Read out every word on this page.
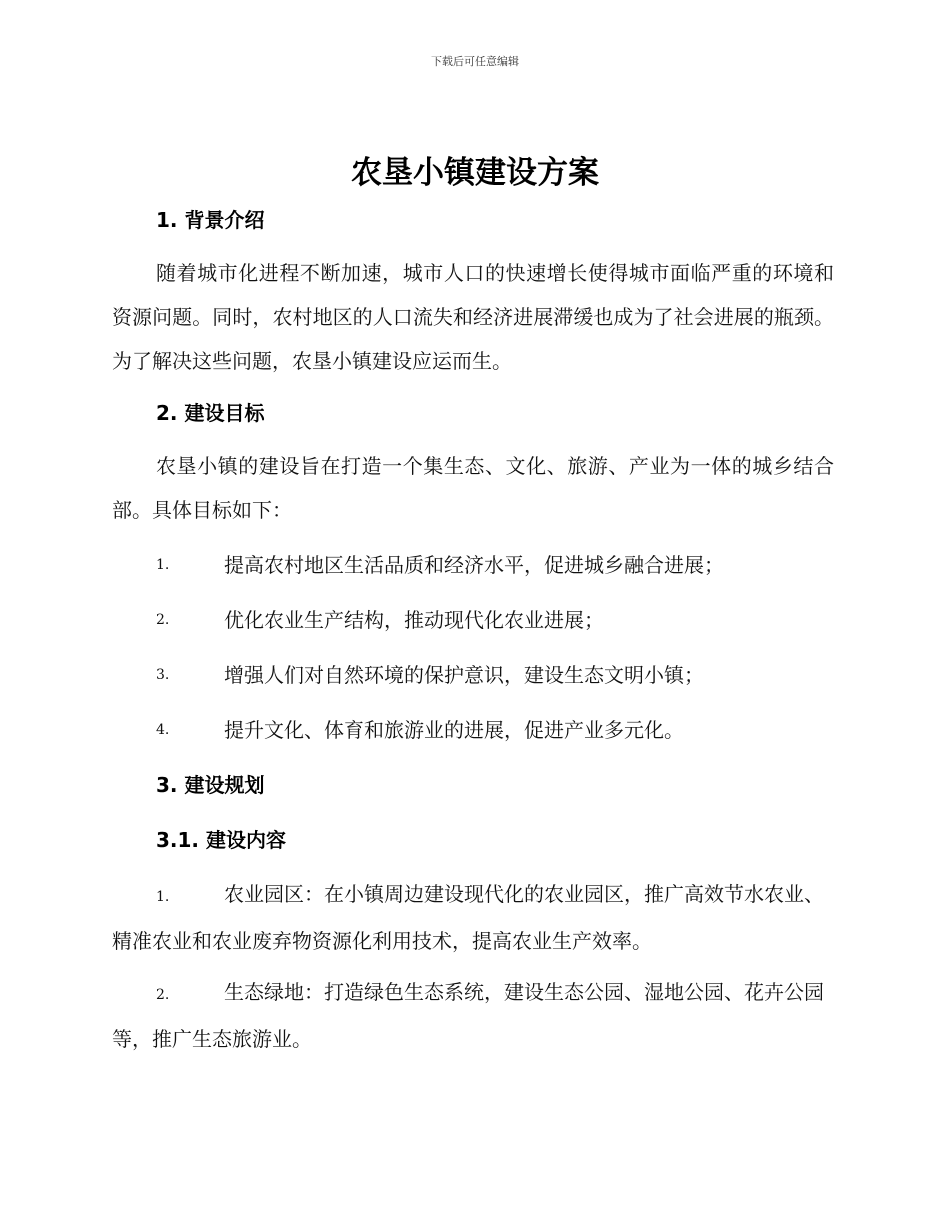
下载后可任意编辑
农垦小镇建设方案
1. 背景介绍

随着城市化进程不断加速，城市人口的快速增长使得城市面临严重的环境和资源问题。同时，农村地区的人口流失和经济进展滞缓也成为了社会进展的瓶颈。为了解决这些问题，农垦小镇建设应运而生。

2. 建设目标

农垦小镇的建设旨在打造一个集生态、文化、旅游、产业为一体的城乡结合部。具体目标如下：

1.	提高农村地区生活品质和经济水平，促进城乡融合进展；
2.	优化农业生产结构，推动现代化农业进展；
3.	增强人们对自然环境的保护意识，建设生态文明小镇；
4.	提升文化、体育和旅游业的进展，促进产业多元化。
3. 建设规划
3.1. 建设内容

1.	农业园区：在小镇周边建设现代化的农业园区，推广高效节水农业、精准农业和农业废弃物资源化利用技术，提高农业生产效率。

2.	生态绿地：打造绿色生态系统，建设生态公园、湿地公园、花卉公园等，推广生态旅游业。
